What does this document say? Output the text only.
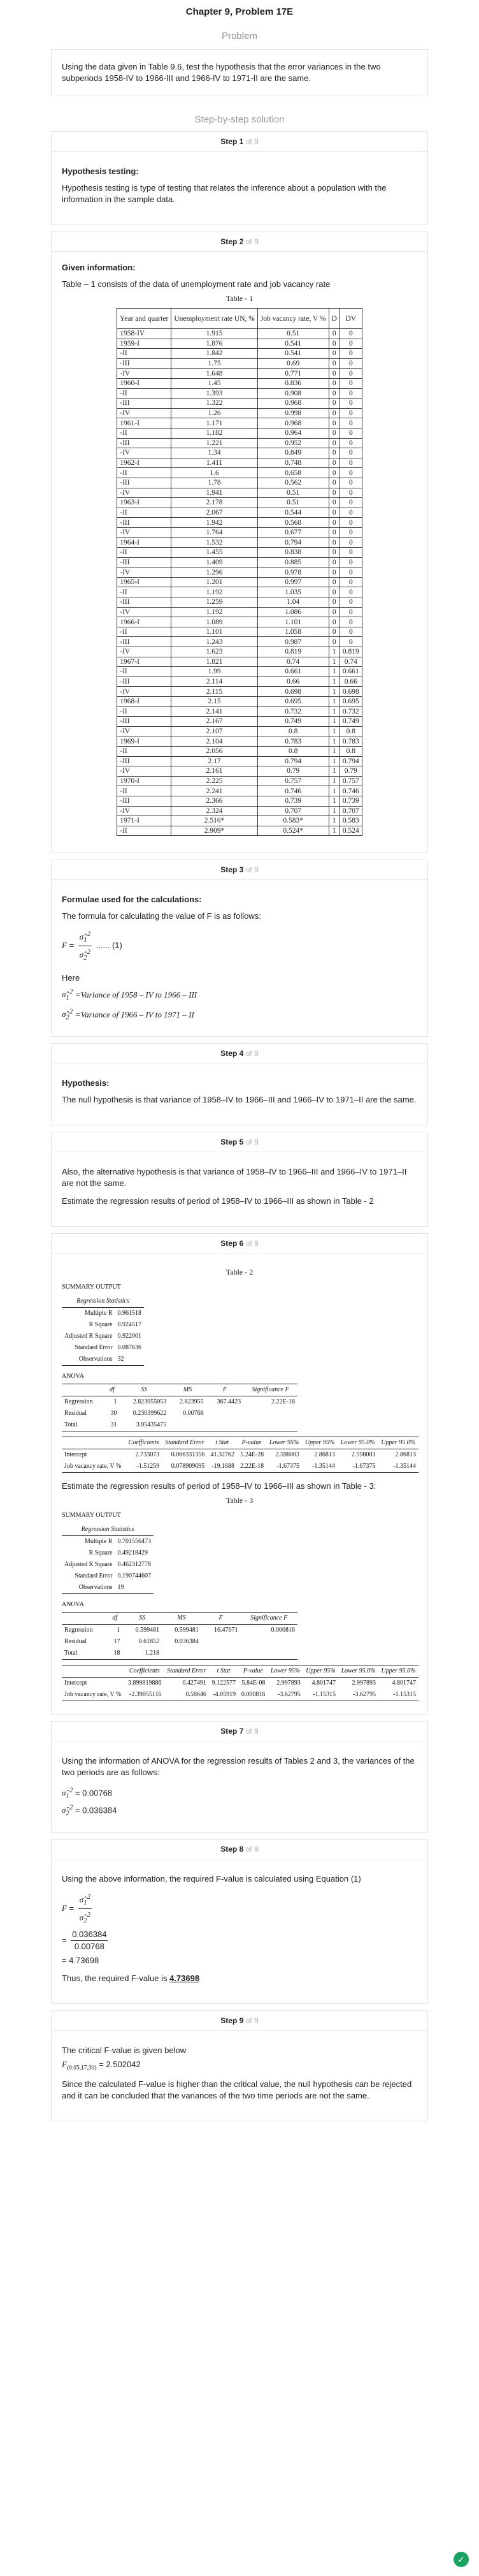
Chapter 9, Problem 17E
Problem
Using the data given in Table 9.6, test the hypothesis that the error variances in the two subperiods 1958-IV to 1966-III and 1966-IV to 1971-II are the same.
Step-by-step solution
Step 1 of 9
Hypothesis testing:

Hypothesis testing is type of testing that relates the inference about a population with the information in the sample data.

Step 2 of 9
Given information:

Table – 1 consists of the data of unemployment rate and job vacancy rate

Table - 1
Year and quarter	Unemployment rate UN, %	Job vacancy rate, V %	D	DV
1958-IV	1.915	0.51	0	0
1959-I	1.876	0.541	0	0
-II	1.842	0.541	0	0
-III	1.75	0.69	0	0
-IV	1.648	0.771	0	0
1960-I	1.45	0.836	0	0
-II	1.393	0.908	0	0
-III	1.322	0.968	0	0
-IV	1.26	0.998	0	0
1961-I	1.171	0.968	0	0
-II	1.182	0.964	0	0
-III	1.221	0.952	0	0
-IV	1.34	0.849	0	0
1962-I	1.411	0.748	0	0
-II	1.6	0.658	0	0
-III	1.78	0.562	0	0
-IV	1.941	0.51	0	0
1963-I	2.178	0.51	0	0
-II	2.067	0.544	0	0
-III	1.942	0.568	0	0
-IV	1.764	0.677	0	0
1964-I	1.532	0.794	0	0
-II	1.455	0.838	0	0
-III	1.409	0.885	0	0
-IV	1.296	0.978	0	0
1965-I	1.201	0.997	0	0
-II	1.192	1.035	0	0
-III	1.259	1.04	0	0
-IV	1.192	1.086	0	0
1966-I	1.089	1.101	0	0
-II	1.101	1.058	0	0
-III	1.243	0.987	0	0
-IV	1.623	0.819	1	0.819
1967-I	1.821	0.74	1	0.74
-II	1.99	0.661	1	0.661
-III	2.114	0.66	1	0.66
-IV	2.115	0.698	1	0.698
1968-I	2.15	0.695	1	0.695
-II	2.141	0.732	1	0.732
-III	2.167	0.749	1	0.749
-IV	2.107	0.8	1	0.8
1969-I	2.104	0.783	1	0.783
-II	2.056	0.8	1	0.8
-III	2.17	0.794	1	0.794
-IV	2.161	0.79	1	0.79
1970-I	2.225	0.757	1	0.757
-II	2.241	0.746	1	0.746
-III	2.366	0.739	1	0.739
-IV	2.324	0.707	1	0.707
1971-I	2.516*	0.583*	1	0.583
-II	2.909*	0.524*	1	0.524
Step 3 of 9
Formulae used for the calculations:

The formula for calculating the value of F is as follows:

$F = \frac{\sigmâ_1^2}{\sigmâ_2^2}$ ...... (1)

Here

$\sigmâ_1^2$ =Variance of 1958 – IV to 1966 – III
$\sigmâ_2^2$ =Variance of 1966 – IV to 1971 – II
Step 4 of 9
Hypothesis:

The null hypothesis is that variance of 1958–IV to 1966–III and 1966–IV to 1971–II are the same.

Step 5 of 9

Also, the alternative hypothesis is that variance of 1958–IV to 1966–III and 1966–IV to 1971–II are not the same.

Estimate the regression results of period of 1958–IV to 1966–III as shown in Table - 2

Step 6 of 9
Table - 2
SUMMARY OUTPUT
Regression Statistics	
Multiple R	0.961518
R Square	0.924517
Adjusted R Square	0.922001
Standard Error	0.087636
Observations	32
ANOVA
	df	SS	MS	F	Significance F
Regression	1	2.823955053	2.823955	367.4423	2.22E-18
Residual	30	0.230399622	0.00768		
Total	31	3.05435475			
	Coefficients	Standard Error	t Stat	P-value	Lower 95%	Upper 95%	Lower 95.0%	Upper 95.0%
Intercept	2.733073	0.066331356	41.32762	5.24E-28	2.598003	2.86813	2.598003	2.86813
Job vacancy rate, V %	-1.51259	0.078909695	-19.1688	2.22E-18	-1.67375	-1.35144	-1.67375	-1.35144

Estimate the regression results of period of 1958–IV to 1966–III as shown in Table - 3:

Table - 3
SUMMARY OUTPUT
Regression Statistics	
Multiple R	0.701556473
R Square	0.49218429
Adjusted R Square	0.462312778
Standard Error	0.190744607
Observations	19
ANOVA
	df	SS	MS	F	Significance F
Regression	1	0.599481	0.599481	16.47671	0.000816
Residual	17	0.61852	0.036384		
Total	18	1.218			
	Coefficients	Standard Error	t Stat	P-value	Lower 95%	Upper 95%	Lower 95.0%	Upper 95.0%
Intercept	3.899819886	0.427491	9.122577	5.84E-08	2.997893	4.801747	2.997893	4.801747
Job vacancy rate, V %	-2.39055116	0.58646	-4.05919	0.000816	-3.62795	-1.15315	-3.62795	-1.15315
Step 7 of 9

Using the information of ANOVA for the regression results of Tables 2 and 3, the variances of the two periods are as follows:

$\sigmâ_1^2 = 0.00768$
$\sigmâ_2^2 = 0.036384$
Step 8 of 9

Using the above information, the required F-value is calculated using Equation (1)

$F = \frac{\sigmâ_1^2}{\sigmâ_2^2}$
= $\frac{0.036384}{0.00768}$
= 4.73698

Thus, the required F-value is 4.73698

Step 9 of 9

The critical F-value is given below

$F_{(0.05,17,30)} = 2.502042$

Since the calculated F-value is higher than the critical value, the null hypothesis can be rejected and it can be concluded that the variances of the two time periods are not the same.

✓
